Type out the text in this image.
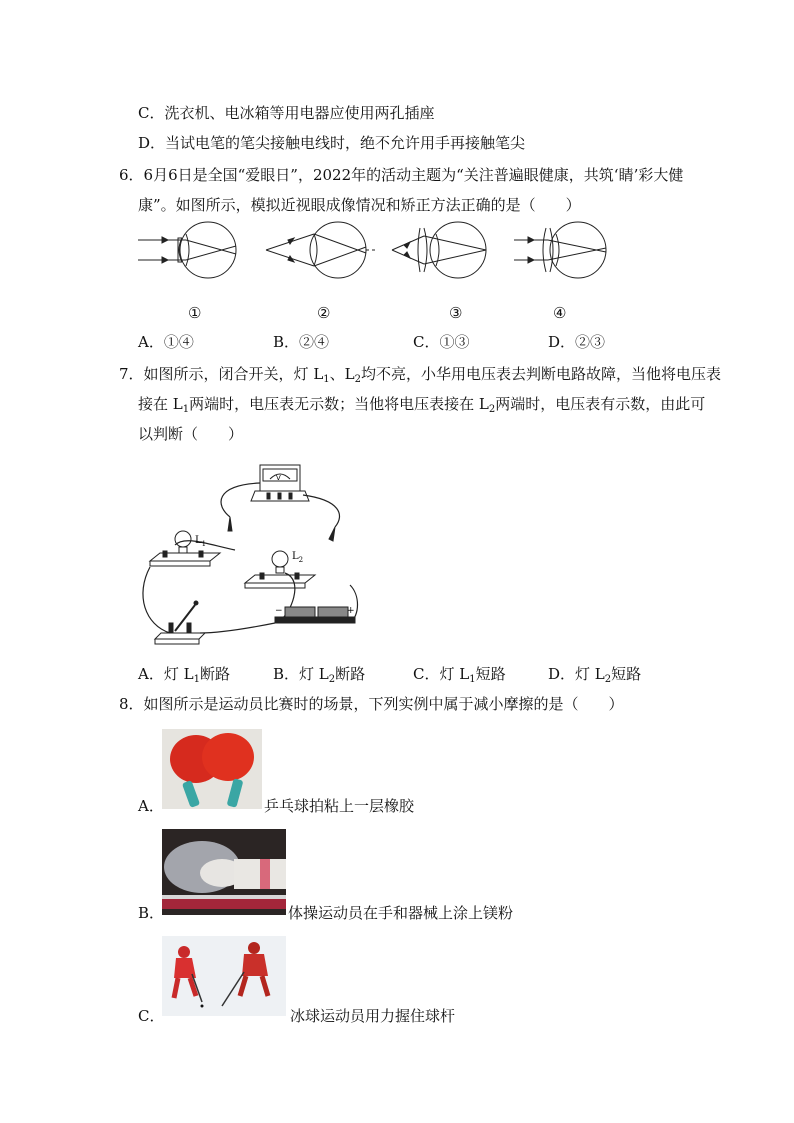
C．洗衣机、电冰箱等用电器应使用两孔插座
D．当试电笔的笔尖接触电线时，绝不允许用手再接触笔尖
6．6月6日是全国“爱眼日”，2022年的活动主题为“关注普遍眼健康，共筑‘睛’彩大健
康”。如图所示，模拟近视眼成像情况和矫正方法正确的是（　　）
①	②	③	④
A．①④	B．②④	C．①③	D．②③
7．如图所示，闭合开关，灯 $L_1$、$L_2$均不亮，小华用电压表去判断电路故障，当他将电压表
接在 $L_1$两端时，电压表无示数；当他将电压表接在 $L_2$两端时，电压表有示数，由此可
以判断（　　）
V
$L_1$
$L_2$
−	+
A．灯 $L_1$断路	B．灯 $L_2$断路	C．灯 $L_1$短路	D．灯 $L_2$短路
8．如图所示是运动员比赛时的场景，下列实例中属于减小摩擦的是（　　）
A．	乒乓球拍粘上一层橡胶
B．	体操运动员在手和器械上涂上镁粉
C．	冰球运动员用力握住球杆
